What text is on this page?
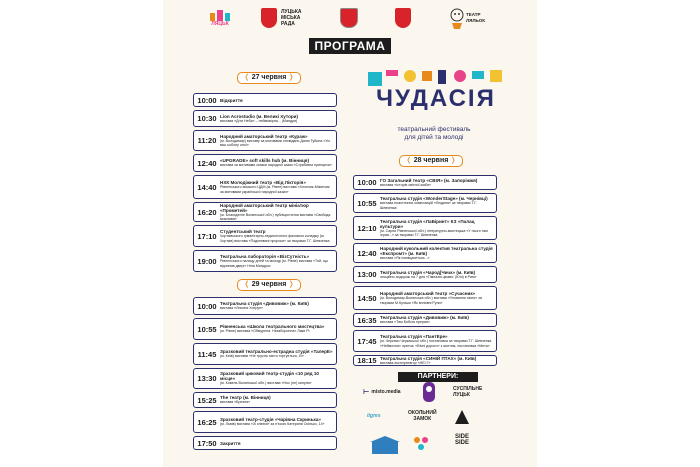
ЛЯЦЬК
ЛУЦЬКА
МІСЬКА
РАДА
ТЕАТР ЛЯЛЬОК
ПРОГРАМА
ЧУДАСІЯ
театральний фестиваль
для дітей та молоді
❬ 27 червня ❭
❬ 28 червня ❭
❬ 29 червня ❭
10:00 Відкриття
10:30 Lion Acrostudio (м. Великі Хутори)
вистава «Діти Неба» – неймовірна... (Мандри)
11:20 Народний аматорський театр «Кураж»
(м. Володимир) виставу за мотивами оповідань Данія Туйона «Усі міш ьобопу оної»
12:40 «UPGRADE» soft skills hub (м. Вінниця)
вистава за мотивами сказки народної казки «Стрибаючі принцеси»
14:40 НХК Молодіжний театр «Від Лікторія»
Рівненського міського ЦДМ (м. Рівне) вистава «Хлопчик-Мізинчик за мотивами української народної казки»
16:20
Народний аматорський театр мініатюр «Прометей»
(м. Благодатне Волинської обл.) публіцистична вистава «Свобода можлива»
17:10 Студентський театр
Чортківського гуманітарно-педагогічного фахового коледжу (м. Чортків) вистава «Поділювані пророки» за творами Т.Г. Шевченка
19:00 Театральна лабораторія «ВізСутність»
Рівненського палацу дітей та молоді (м. Рівне) вистава «Той, що відчинив двері» Ніна Мандрос
10:00 Театральна студія «Дивовиж» (м. Київ)
вистава «Лисиня Хитрун»
10:55 Рівненська «Школа театрального мистецтва»
(м. Рівне) вистава «Обмурена. Незаборонна» Лаки Рі
11:45 Зразковий театрально-естрадна студія «ТалерЕ»
(м. Київ) вистава «Не трусіть місто торгується, ІЗ»
13:30
Зразковий циковий театр-студія «10 ряд 10 місце»
(м. Ковель Волинської обл.) вистава «Нос (не) кинули»
15:25 The театр (м. Вінниця)
вистава «Брехня»
16:25 Зразковий театр-студія «Чарівна Скринька»
(м. Львів) вистава «Зі снінімі» за п'єсою Катерини Осінько, 14+
17:50 Закриття
10:00 ГО Загальний театр «СВІЯ» (м. Запоріжжя)
вистава «Історія світлої жаби»
10:55 Театральна студія «WonderStage» (м. Чернівці)
вистава пластичних композицій «Людина» за творами Т.Г. Шевченка
12:10
Театральна студія «ЛаБіринт» КЗ «Палац культури»
(м. Сарни Рівненської обл.) лiтературно-мистецька «У нього там зграя...» за творами Т.Г. Шевченка
12:40
Народний кукольний колектив театральна студія «Експромт» (м. Київ)
вистава «Як поміщачеться...»
13:00 Театральна студія «Чарод[Чичк» (м. Київ)
лекційно-подорож на 7 дня «Гімназія цікаво: (Юні) в Рим»
14:50 Народний аматорський театр «Сучасник»
(м. Володимир-Волинська обл.) вистава «Уповання пісня» за творами М.Куліша «Як впливні Рупи»
16:35 Театральна студія «Дивовиж» (м. Київ)
вистава «Тим Бобсгя прерия»
17:45 Театральна студія «ПантЕрe»
(м. Черкаси Черкаської обл.) постановка за творами Т.Г. Шевченка «Неймочна» притча: «Вічні дороги» з життям, постановка «Мета»
18:15 Театральна студія «СИНІЙ ПТАХ» (м. Київ)
вистава-експлуататор «НЕІ Г»
ПАРТНЕРИ:
⊢ misto.media	СУСПІЛЬНЕ
ЛУЦЬК
tigres	ОКОЛЬНИЙ
ЗАМОК
SIDE
SIDE
